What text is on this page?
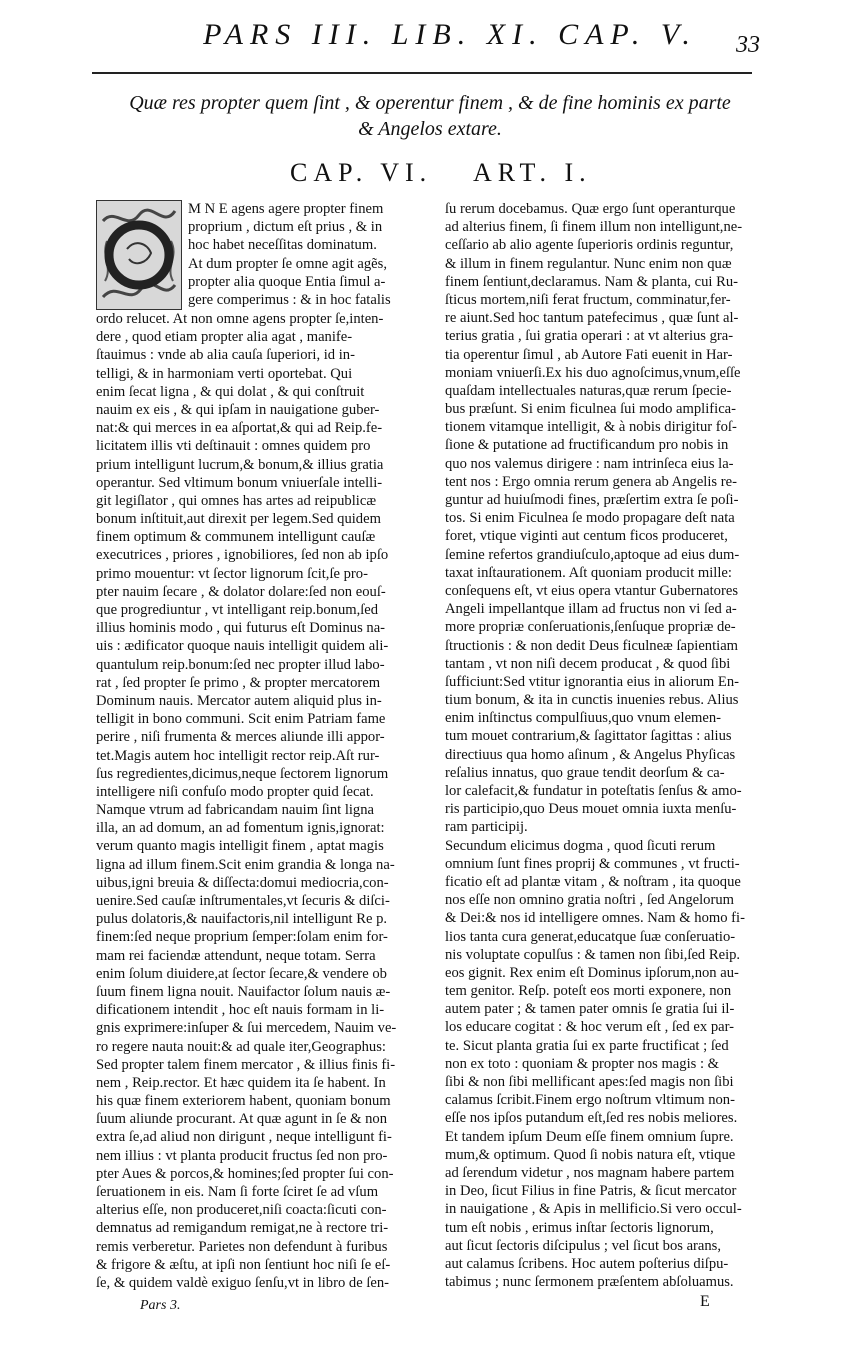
PARS III. LIB. XI. CAP. V.	33
Quæ res propter quem ſint , & operentur finem , & de fine hominis ex parte
& Angelos extare.
CAP. VI. ART. I.
M N E agens agere propter finem
proprium , dictum eſt prius , & in
hoc habet neceſſitas dominatum.
At dum propter ſe omne agit agẽs,
propter alia quoque Entia ſimul a-
gere comperimus : & in hoc fatalis
ordo relucet. At non omne agens propter ſe,inten-
dere , quod etiam propter alia agat , manife-
ſtauimus : vnde ab alia cauſa ſuperiori, id in-
telligi, & in harmoniam verti oportebat. Qui
enim ſecat ligna , & qui dolat , & qui conſtruit
nauim ex eis , & qui ipſam in nauigatione guber-
nat:& qui merces in ea aſportat,& qui ad Reip.fe-
licitatem illis vti deſtinauit : omnes quidem pro
prium intelligunt lucrum,& bonum,& illius gratia
operantur. Sed vltimum bonum vniuerſale intelli-
git legiſlator , qui omnes has artes ad reipublicæ
bonum inſtituit,aut direxit per legem.Sed quidem
finem optimum & communem intelligunt cauſæ
executrices , priores , ignobiliores, ſed non ab ipſo
primo mouentur: vt ſector lignorum ſcit,ſe pro-
pter nauim ſecare , & dolator dolare:ſed non eouſ-
que progrediuntur , vt intelligant reip.bonum,ſed
illius hominis modo , qui futurus eſt Dominus na-
uis : ædificator quoque nauis intelligit quidem ali-
quantulum reip.bonum:ſed nec propter illud labo-
rat , ſed propter ſe primo , & propter mercatorem
Dominum nauis. Mercator autem aliquid plus in-
telligit in bono communi. Scit enim Patriam fame
perire , niſi frumenta & merces aliunde illi appor-
tet.Magis autem hoc intelligit rector reip.Aſt rur-
ſus regredientes,dicimus,neque ſectorem lignorum
intelligere niſi confuſo modo propter quid ſecat.
Namque vtrum ad fabricandam nauim ſint ligna
illa, an ad domum, an ad fomentum ignis,ignorat:
verum quanto magis intelligit finem , aptat magis
ligna ad illum finem.Scit enim grandia & longa na-
uibus,igni breuia & diſſecta:domui mediocria,con-
uenire.Sed cauſæ inſtrumentales,vt ſecuris & diſci-
pulus dolatoris,& nauifactoris,nil intelligunt Re p.
finem:ſed neque proprium ſemper:ſolam enim for-
mam rei faciendæ attendunt, neque totam. Serra
enim ſolum diuidere,at ſector ſecare,& vendere ob
ſuum finem ligna nouit. Nauifactor ſolum nauis æ-
dificationem intendit , hoc eſt nauis formam in li-
gnis exprimere:inſuper & ſui mercedem, Nauim ve-
ro regere nauta nouit:& ad quale iter,Geographus:
Sed propter talem finem mercator , & illius finis fi-
nem , Reip.rector. Et hæc quidem ita ſe habent. In
his quæ finem exteriorem habent, quoniam bonum
ſuum aliunde procurant. At quæ agunt in ſe & non
extra ſe,ad aliud non dirigunt , neque intelligunt fi-
nem illius : vt planta producit fructus ſed non pro-
pter Aues & porcos,& homines;ſed propter ſui con-
ſeruationem in eis. Nam ſi forte ſciret ſe ad vſum
alterius eſſe, non produceret,niſi coacta:ſicuti con-
demnatus ad remigandum remigat,ne à rectore tri-
remis verberetur. Parietes non defendunt à furibus
& frigore & æſtu, at ipſi non ſentiunt hoc niſi ſe eſ-
ſe, & quidem valdè exiguo ſenſu,vt in libro de ſen-
ſu rerum docebamus. Quæ ergo ſunt operanturque
ad alterius finem, ſi finem illum non intelligunt,ne-
ceſſario ab alio agente ſuperioris ordinis reguntur,
& illum in finem regulantur. Nunc enim non quæ
finem ſentiunt,declaramus. Nam & planta, cui Ru-
ſticus mortem,niſi ferat fructum, comminatur,fer-
re aiunt.Sed hoc tantum patefecimus , quæ ſunt al-
terius gratia , ſui gratia operari : at vt alterius gra-
tia operentur ſimul , ab Autore Fati euenit in Har-
moniam vniuerſi.Ex his duo agnoſcimus,vnum,eſſe
quaſdam intellectuales naturas,quæ rerum ſpecie-
bus præſunt. Si enim ficulnea ſui modo amplifica-
tionem vitamque intelligit, & à nobis dirigitur foſ-
ſione & putatione ad fructificandum pro nobis in
quo nos valemus dirigere : nam intrinſeca eius la-
tent nos : Ergo omnia rerum genera ab Angelis re-
guntur ad huiuſmodi fines, præſertim extra ſe poſi-
tos. Si enim Ficulnea ſe modo propagare deſt nata
foret, vtique viginti aut centum ficos produceret,
ſemine refertos grandiuſculo,aptoque ad eius dum-
taxat inſtaurationem. Aſt quoniam producit mille:
conſequens eſt, vt eius opera vtantur Gubernatores
Angeli impellantque illam ad fructus non vi ſed a-
more propriæ conſeruationis,ſenſuque propriæ de-
ſtructionis : & non dedit Deus ficulneæ ſapientiam
tantam , vt non niſi decem producat , & quod ſibi
ſufficiunt:Sed vtitur ignorantia eius in aliorum En-
tium bonum, & ita in cunctis inuenies rebus. Alius
enim inſtinctus compulſiuus,quo vnum elemen-
tum mouet contrarium,& ſagittator ſagittas : alius
directiuus qua homo aſinum , & Angelus Phyſicas
reſalius innatus, quo graue tendit deorſum & ca-
lor calefacit,& fundatur in poteſtatis ſenſus & amo-
ris participio,quo Deus mouet omnia iuxta menſu-
ram participij.
Secundum elicimus dogma , quod ſicuti rerum
omnium ſunt fines proprij & communes , vt fructi-
ficatio eſt ad plantæ vitam , & noſtram , ita quoque
nos eſſe non omnino gratia noſtri , ſed Angelorum
& Dei:& nos id intelligere omnes. Nam & homo fi-
lios tanta cura generat,educatque ſuæ conſeruatio-
nis voluptate copulſus : & tamen non ſibi,ſed Reip.
eos gignit. Rex enim eſt Dominus ipſorum,non au-
tem genitor. Reſp. poteſt eos morti exponere, non
autem pater ; & tamen pater omnis ſe gratia ſui il-
los educare cogitat : & hoc verum eſt , ſed ex par-
te. Sicut planta gratia ſui ex parte fructificat ; ſed
non ex toto : quoniam & propter nos magis : &
ſibi & non ſibi mellificant apes:ſed magis non ſibi
calamus ſcribit.Finem ergo noſtrum vltimum non-
eſſe nos ipſos putandum eſt,ſed res nobis meliores.
Et tandem ipſum Deum eſſe finem omnium ſupre.
mum,& optimum. Quod ſi nobis natura eſt, vtique
ad ſerendum videtur , nos magnam habere partem
in Deo, ſicut Filius in fine Patris, & ſicut mercator
in nauigatione , & Apis in mellificio.Si vero occul-
tum eſt nobis , erimus inſtar ſectoris lignorum,
aut ſicut ſectoris diſcipulus ; vel ſicut bos arans,
aut calamus ſcribens. Hoc autem poſterius diſpu-
tabimus ; nunc ſermonem præſentem abſoluamus.
Pars 3.	E
